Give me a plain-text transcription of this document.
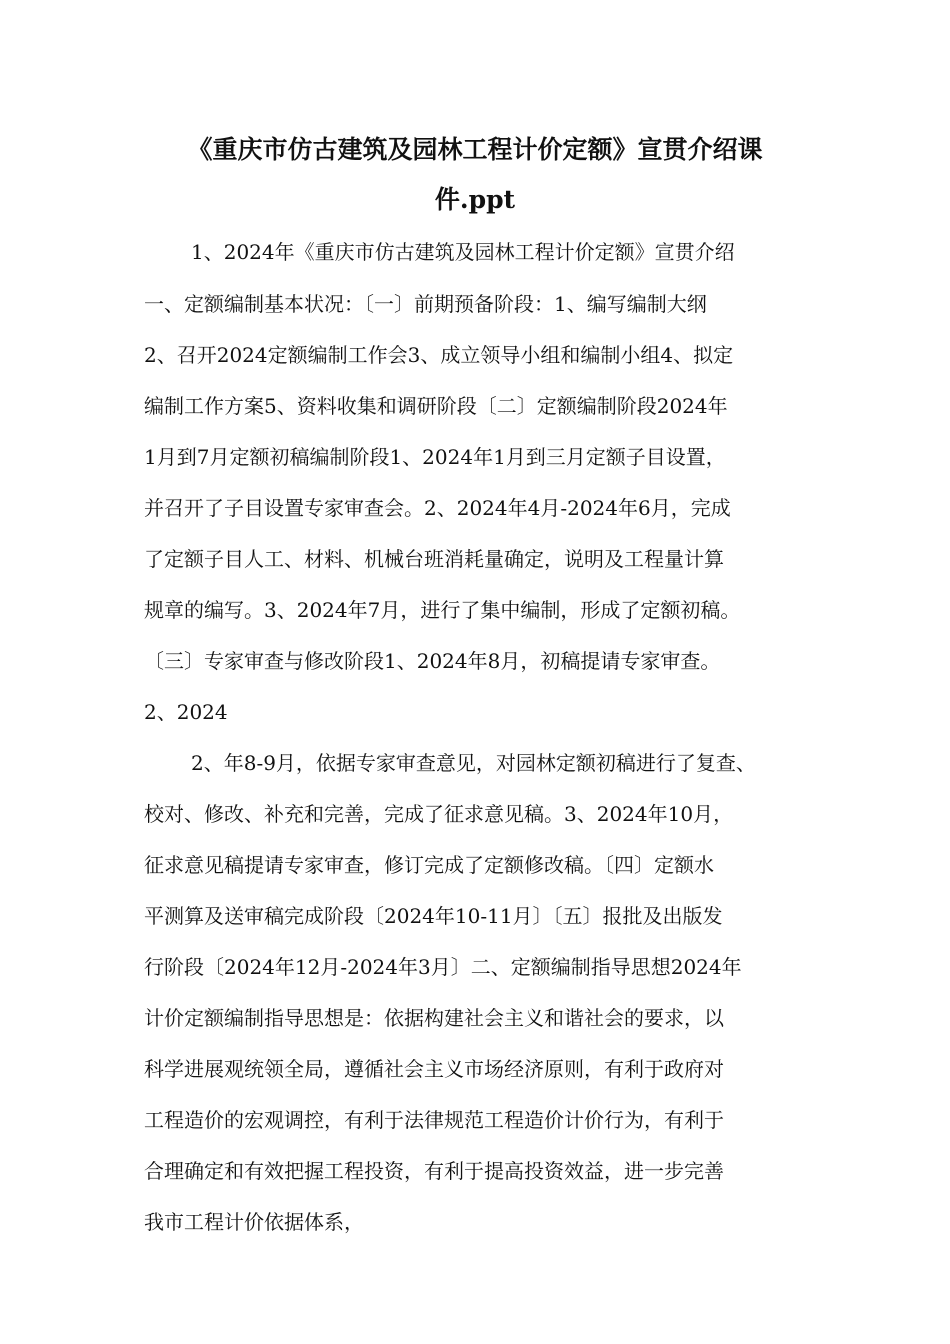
《重庆市仿古建筑及园林工程计价定额》宣贯介绍课
件.ppt
1、2024年《重庆市仿古建筑及园林工程计价定额》宣贯介绍
一、定额编制基本状况：〔一〕前期预备阶段：1、编写编制大纲
2、召开2024定额编制工作会3、成立领导小组和编制小组4、拟定
编制工作方案5、资料收集和调研阶段〔二〕定额编制阶段2024年
1月到7月定额初稿编制阶段1、2024年1月到三月定额子目设置，
并召开了子目设置专家审查会。2、2024年4月-2024年6月，完成
了定额子目人工、材料、机械台班消耗量确定，说明及工程量计算
规章的编写。3、2024年7月，进行了集中编制，形成了定额初稿。
〔三〕专家审查与修改阶段1、2024年8月，初稿提请专家审查。
2、2024
2、年8-9月，依据专家审查意见，对园林定额初稿进行了复查、
校对、修改、补充和完善，完成了征求意见稿。3、2024年10月，
征求意见稿提请专家审查，修订完成了定额修改稿。〔四〕定额水
平测算及送审稿完成阶段〔2024年10-11月〕〔五〕报批及出版发
行阶段〔2024年12月-2024年3月〕二、定额编制指导思想2024年
计价定额编制指导思想是：依据构建社会主义和谐社会的要求，以
科学进展观统领全局，遵循社会主义市场经济原则，有利于政府对
工程造价的宏观调控，有利于法律规范工程造价计价行为，有利于
合理确定和有效把握工程投资，有利于提高投资效益，进一步完善
我市工程计价依据体系，
